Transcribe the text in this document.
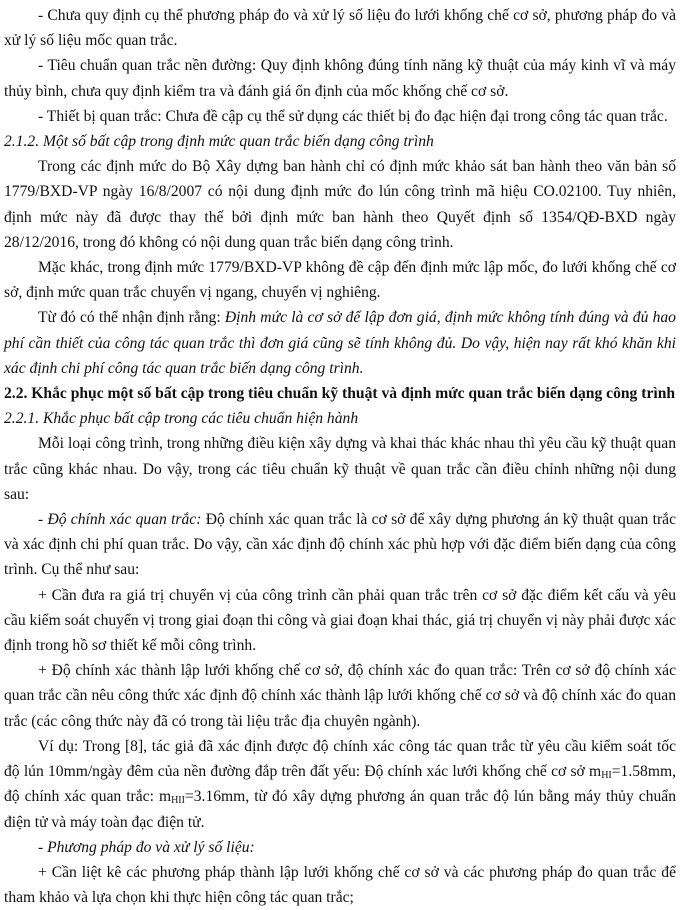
- Chưa quy định cụ thể phương pháp đo và xử lý số liệu đo lưới khống chế cơ sở, phương pháp đo và xử lý số liệu mốc quan trắc.

- Tiêu chuẩn quan trắc nền đường: Quy định không đúng tính năng kỹ thuật của máy kinh vĩ và máy thủy bình, chưa quy định kiểm tra và đánh giá ổn định của mốc khống chế cơ sở.

- Thiết bị quan trắc: Chưa đề cập cụ thể sử dụng các thiết bị đo đạc hiện đại trong công tác quan trắc.

2.1.2. Một số bất cập trong định mức quan trắc biến dạng công trình

Trong các định mức do Bộ Xây dựng ban hành chỉ có định mức khảo sát ban hành theo văn bản số 1779/BXD-VP ngày 16/8/2007 có nội dung định mức đo lún công trình mã hiệu CO.02100. Tuy nhiên, định mức này đã được thay thế bởi định mức ban hành theo Quyết định số 1354/QĐ-BXD ngày 28/12/2016, trong đó không có nội dung quan trắc biến dạng công trình.

Mặc khác, trong định mức 1779/BXD-VP không đề cập đến định mức lập mốc, đo lưới khống chế cơ sở, định mức quan trắc chuyển vị ngang, chuyển vị nghiêng.

Từ đó có thể nhận định rằng: Định mức là cơ sở để lập đơn giá, định mức không tính đúng và đủ hao phí cần thiết của công tác quan trắc thì đơn giá cũng sẽ tính không đủ. Do vậy, hiện nay rất khó khăn khi xác định chi phí công tác quan trắc biến dạng công trình.

2.2. Khắc phục một số bất cập trong tiêu chuẩn kỹ thuật và định mức quan trắc biến dạng công trình

2.2.1. Khắc phục bất cập trong các tiêu chuẩn hiện hành

Mỗi loại công trình, trong những điều kiện xây dựng và khai thác khác nhau thì yêu cầu kỹ thuật quan trắc cũng khác nhau. Do vậy, trong các tiêu chuẩn kỹ thuật về quan trắc cần điều chỉnh những nội dung sau:

- Độ chính xác quan trắc: Độ chính xác quan trắc là cơ sở để xây dựng phương án kỹ thuật quan trắc và xác định chi phí quan trắc. Do vậy, cần xác định độ chính xác phù hợp với đặc điểm biến dạng của công trình. Cụ thể như sau:

+ Cần đưa ra giá trị chuyển vị của công trình cần phải quan trắc trên cơ sở đặc điểm kết cấu và yêu cầu kiểm soát chuyển vị trong giai đoạn thi công và giai đoạn khai thác, giá trị chuyển vị này phải được xác định trong hồ sơ thiết kế mỗi công trình.

+ Độ chính xác thành lập lưới khống chế cơ sở, độ chính xác đo quan trắc: Trên cơ sở độ chính xác quan trắc cần nêu công thức xác định độ chính xác thành lập lưới khống chế cơ sở và độ chính xác đo quan trắc (các công thức này đã có trong tài liệu trắc địa chuyên ngành).

Ví dụ: Trong [8], tác giả đã xác định được độ chính xác công tác quan trắc từ yêu cầu kiểm soát tốc độ lún 10mm/ngày đêm của nền đường đắp trên đất yếu: Độ chính xác lưới khống chế cơ sở $m_{HI}=1.58mm$, độ chính xác quan trắc: $m_{HII}=3.16mm$, từ đó xây dựng phương án quan trắc độ lún bằng máy thủy chuẩn điện tử và máy toàn đạc điện tử.

- Phương pháp đo và xử lý số liệu:

+ Cần liệt kê các phương pháp thành lập lưới khống chế cơ sở và các phương pháp đo quan trắc để tham khảo và lựa chọn khi thực hiện công tác quan trắc;
